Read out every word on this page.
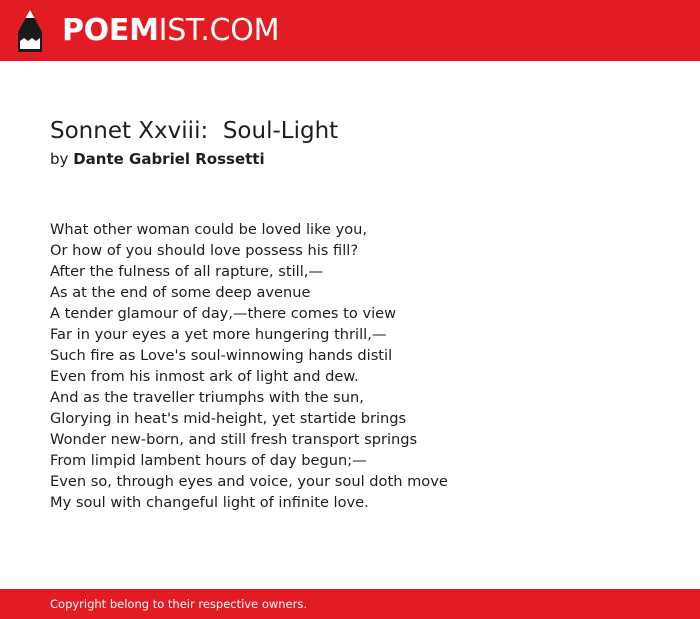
POEMIST.COM
Sonnet Xxviii:  Soul-Light
by Dante Gabriel Rossetti
What other woman could be loved like you,
Or how of you should love possess his fill?
After the fulness of all rapture, still,—
As at the end of some deep avenue
A tender glamour of day,—there comes to view
Far in your eyes a yet more hungering thrill,—
Such fire as Love's soul-winnowing hands distil
Even from his inmost ark of light and dew.
And as the traveller triumphs with the sun,
Glorying in heat's mid-height, yet startide brings
Wonder new-born, and still fresh transport springs
From limpid lambent hours of day begun;—
Even so, through eyes and voice, your soul doth move
My soul with changeful light of infinite love.
Copyright belong to their respective owners.
